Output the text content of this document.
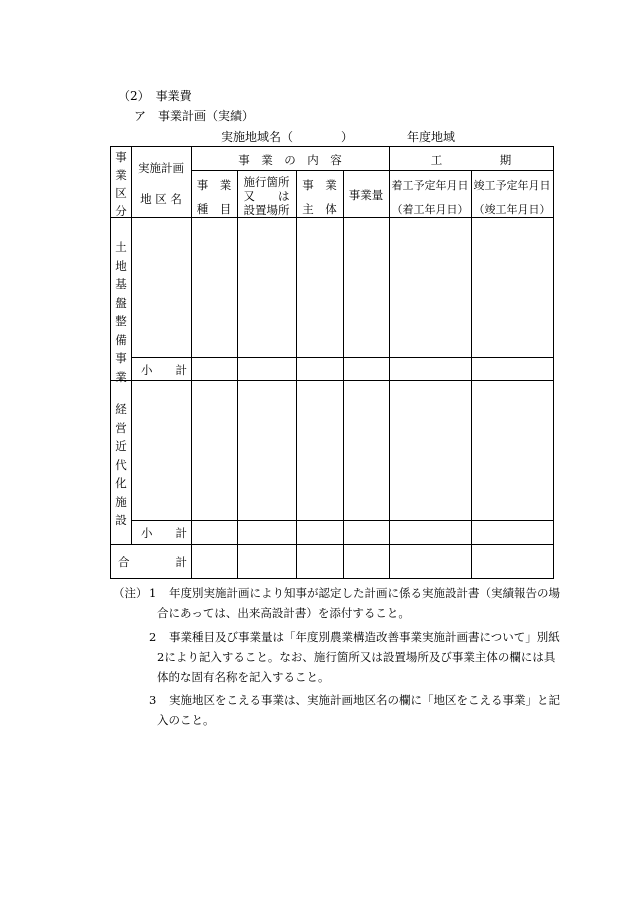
（2）　事業費
ア　事業計画（実績）
実施地域名（　　　　）　　　　　年度地域
事業区分
実施計画
地 区 名
事　業　の　内　容	工　　　　　期
事　業
種　目
施行箇所
又　　は
設置場所
事　業
主　体
事業量
着工予定年月日
（着工年月日）
竣工予定年月日
（竣工年月日）
土地基盤整備事業 小　　計
経営近代化施設
小　　計
合　　　　計
（注） 1 年度別実施計画により知事が認定した計画に係る実施設計書（実績報告の場
合にあっては、出来高設計書）を添付すること。
2 事業種目及び事業量は「年度別農業構造改善事業実施計画書について」別紙
2により記入すること。なお、施行箇所又は設置場所及び事業主体の欄には具
体的な固有名称を記入すること。
3 実施地区をこえる事業は、実施計画地区名の欄に「地区をこえる事業」と記
入のこと。
